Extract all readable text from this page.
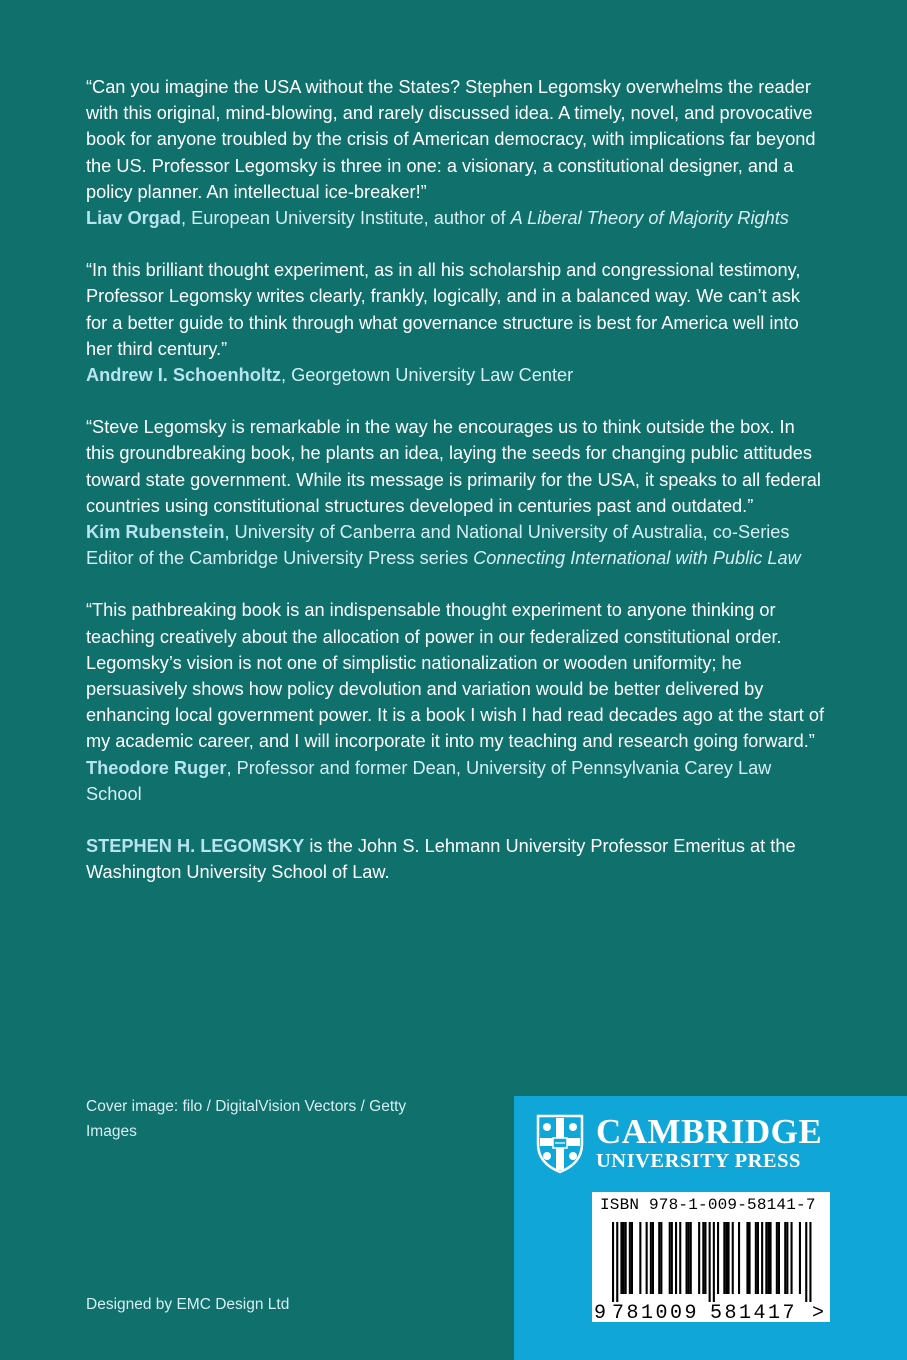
“Can you imagine the USA without the States? Stephen Legomsky overwhelms the reader with this original, mind-blowing, and rarely discussed idea. A timely, novel, and provocative book for anyone troubled by the crisis of American democracy, with implications far beyond the US. Professor Legomsky is three in one: a visionary, a constitutional designer, and a policy planner. An intellectual ice-breaker!”

Liav Orgad, European University Institute, author of A Liberal Theory of Majority Rights

“In this brilliant thought experiment, as in all his scholarship and congressional testimony, Professor Legomsky writes clearly, frankly, logically, and in a balanced way. We can’t ask for a better guide to think through what governance structure is best for America well into her third century.”

Andrew I. Schoenholtz, Georgetown University Law Center

“Steve Legomsky is remarkable in the way he encourages us to think outside the box. In this groundbreaking book, he plants an idea, laying the seeds for changing public attitudes toward state government. While its message is primarily for the USA, it speaks to all federal countries using constitutional structures developed in centuries past and outdated.”

Kim Rubenstein, University of Canberra and National University of Australia, co-Series Editor of the Cambridge University Press series Connecting International with Public Law

“This pathbreaking book is an indispensable thought experiment to anyone thinking or teaching creatively about the allocation of power in our federalized constitutional order. Legomsky’s vision is not one of simplistic nationalization or wooden uniformity; he persuasively shows how policy devolution and variation would be better delivered by enhancing local government power. It is a book I wish I had read decades ago at the start of my academic career, and I will incorporate it into my teaching and research going forward.”

Theodore Ruger, Professor and former Dean, University of Pennsylvania Carey Law School

STEPHEN H. LEGOMSKY is the John S. Lehmann University Professor Emeritus at the Washington University School of Law.

Cover image: filo / DigitalVision Vectors / Getty Images
Designed by EMC Design Ltd
CAMBRIDGE
UNIVERSITY PRESS
ISBN 978-1-009-58141-7
9 781009 581417 >
